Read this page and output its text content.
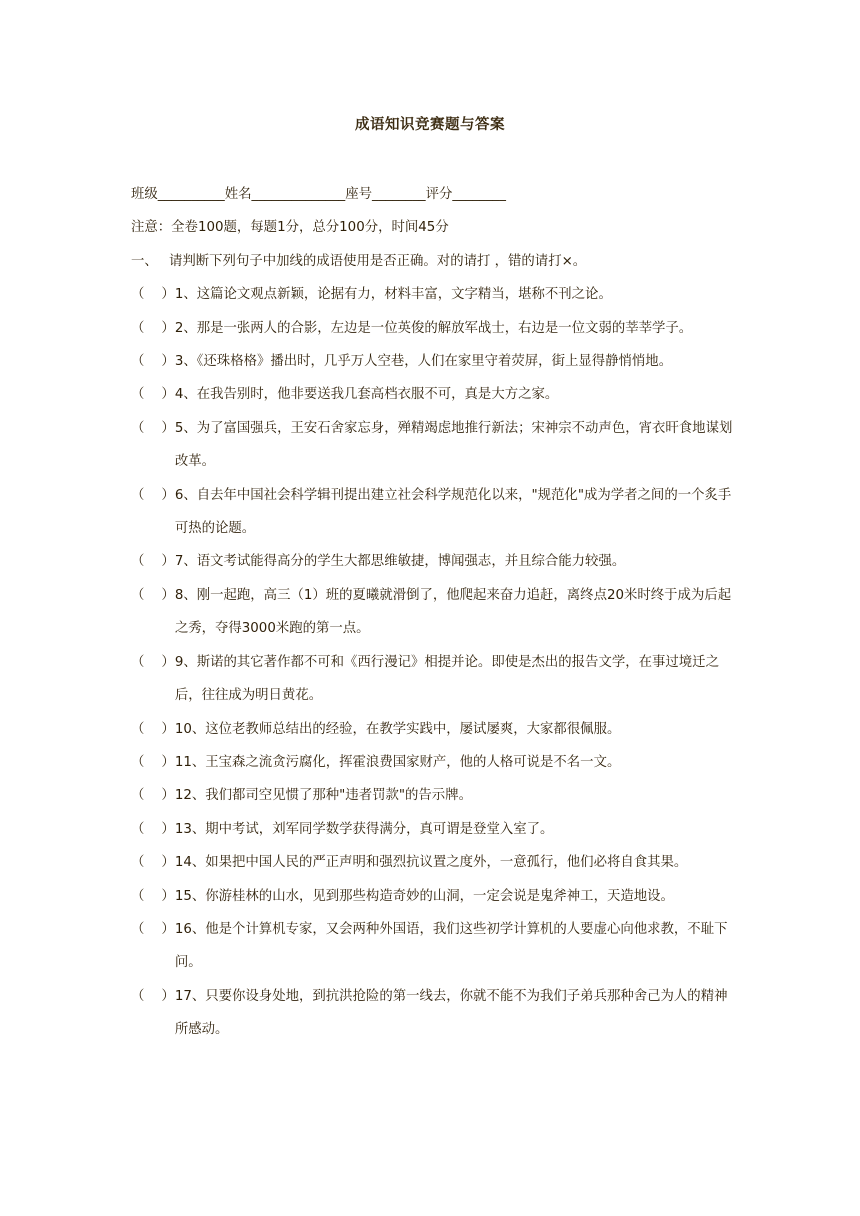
成语知识竞赛题与答案
班级__________姓名______________座号________评分________
注意：全卷100题，每题1分，总分100分，时间45分
一、 请判断下列句子中加线的成语使用是否正确。对的请打 ，错的请打×。
（    ） 1、这篇论文观点新颖，论据有力，材料丰富，文字精当，堪称不刊之论。
（    ） 2、那是一张两人的合影，左边是一位英俊的解放军战士，右边是一位文弱的莘莘学子。
（    ） 3、《还珠格格》播出时，几乎万人空巷，人们在家里守着荧屏，街上显得静悄悄地。
（    ） 4、在我告别时，他非要送我几套高档衣服不可，真是大方之家。
（    ） 5、为了富国强兵，王安石舍家忘身，殚精竭虑地推行新法；宋神宗不动声色，宵衣旰食地谋划改革。
（    ） 6、自去年中国社会科学辑刊提出建立社会科学规范化以来，"规范化"成为学者之间的一个炙手可热的论题。
（    ） 7、语文考试能得高分的学生大都思维敏捷，博闻强志，并且综合能力较强。
（    ） 8、刚一起跑，高三（1）班的夏曦就滑倒了，他爬起来奋力追赶，离终点20米时终于成为后起之秀，夺得3000米跑的第一点。
（    ） 9、斯诺的其它著作都不可和《西行漫记》相提并论。即使是杰出的报告文学，在事过境迁之后，往往成为明日黄花。
（    ） 10、这位老教师总结出的经验，在教学实践中，屡试屡爽，大家都很佩服。
（    ） 11、王宝森之流贪污腐化，挥霍浪费国家财产，他的人格可说是不名一文。
（    ） 12、我们都司空见惯了那种"违者罚款"的告示牌。
（    ） 13、期中考试，刘军同学数学获得满分，真可谓是登堂入室了。
（    ） 14、如果把中国人民的严正声明和强烈抗议置之度外，一意孤行，他们必将自食其果。
（    ） 15、你游桂林的山水，见到那些构造奇妙的山洞，一定会说是鬼斧神工，天造地设。
（    ） 16、他是个计算机专家，又会两种外国语，我们这些初学计算机的人要虚心向他求教，不耻下问。
（    ） 17、只要你设身处地，到抗洪抢险的第一线去，你就不能不为我们子弟兵那种舍己为人的精神所感动。
